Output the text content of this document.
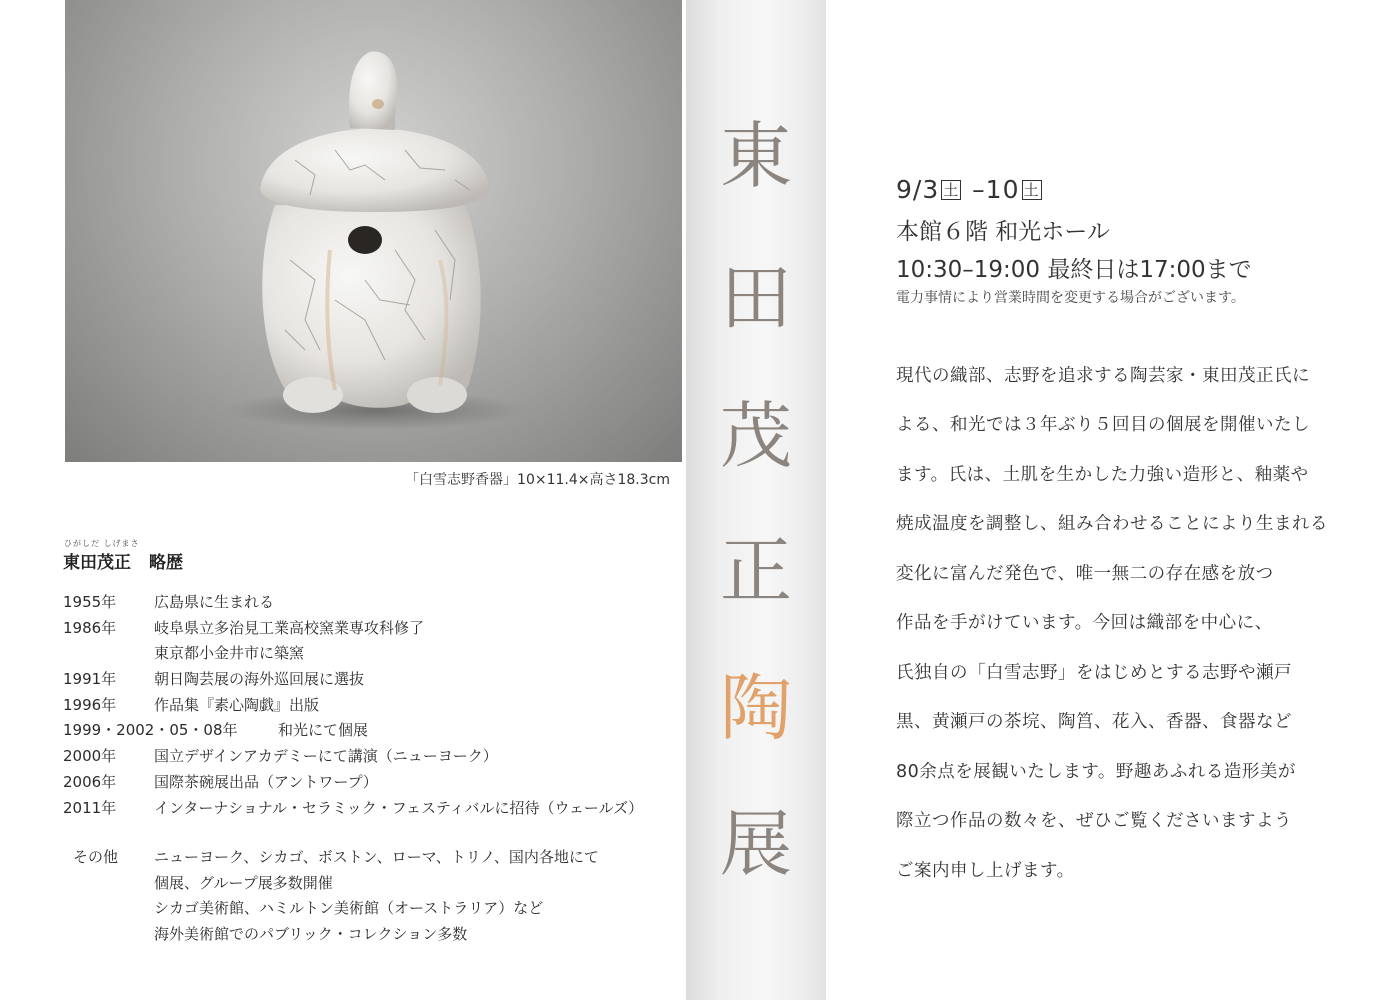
「白雪志野香器」10×11.4×高さ18.3cm
ひがしだ しげまさ
東田茂正 略歴
1955年	広島県に生まれる
1986年	岐阜県立多治見工業高校窯業専攻科修了
東京都小金井市に築窯
1991年	朝日陶芸展の海外巡回展に選抜
1996年	作品集『素心陶戯』出版
1999・2002・05・08年	和光にて個展
2000年	国立デザインアカデミーにて講演（ニューヨーク）
2006年	国際茶碗展出品（アントワープ）
2011年	インターナショナル・セラミック・フェスティバルに招待（ウェールズ）
その他 ニューヨーク、シカゴ、ボストン、ローマ、トリノ、国内各地にて
個展、グループ展多数開催
シカゴ美術館、ハミルトン美術館（オーストラリア）など
海外美術館でのパブリック・コレクション多数
東
田
茂
正
陶
展
9/3 土 –10 土
本館６階 和光ホール
10:30–19:00 最終日は17:00まで
電力事情により営業時間を変更する場合がございます。
現代の織部、志野を追求する陶芸家・東田茂正氏に
よる、和光では３年ぶり５回目の個展を開催いたし
ます。氏は、土肌を生かした力強い造形と、釉薬や
焼成温度を調整し、組み合わせることにより生まれる
変化に富んだ発色で、唯一無二の存在感を放つ
作品を手がけています。今回は織部を中心に、
氏独自の「白雪志野」をはじめとする志野や瀬戸
黒、黄瀬戸の茶垸、陶筥、花入、香器、食器など
80余点を展観いたします。野趣あふれる造形美が
際立つ作品の数々を、ぜひご覧くださいますよう
ご案内申し上げます。
